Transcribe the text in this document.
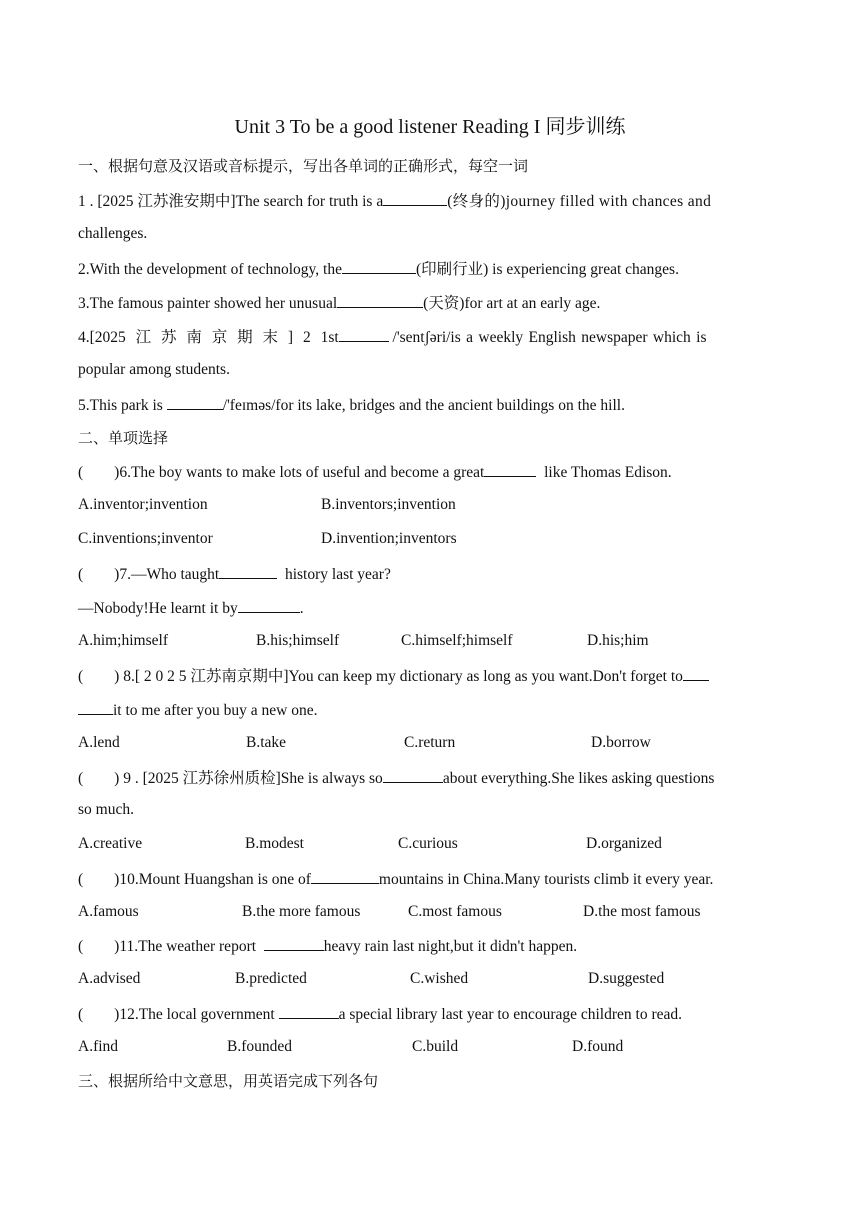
Unit 3 To be a good listener Reading I 同步训练
一、根据句意及汉语或音标提示，写出各单词的正确形式，每空一词
1 . [2025 江苏淮安期中]The search for truth is a	(终身的)journey filled with chances and
challenges.
2.With the development of technology, the	(印刷行业) is experiencing great changes.
3.The famous painter showed her unusual	(天资)for art at an early age.
4.[2025 江 苏 南 京 期 末 ] 2 1st	/'sentʃəri/is a weekly English newspaper which is
popular among students.
5.This park is	/'feɪməs/for its lake, bridges and the ancient buildings on the hill.
二、单项选择
(　　)6.The boy wants to make lots of useful and become a great	like Thomas Edison.
A.inventor;invention	B.inventors;invention
C.inventions;inventor	D.invention;inventors
(　　)7.—Who taught	history last year?
—Nobody!He learnt it by	.
A.him;himself	B.his;himself	C.himself;himself	D.his;him
(　　) 8.[ 2 0 2 5 江苏南京期中]You can keep my dictionary as long as you want.Don't forget to
it to me after you buy a new one.
A.lend	B.take	C.return	D.borrow
(　　) 9 . [2025 江苏徐州质检]She is always so	about everything.She likes asking questions
so much.
A.creative	B.modest	C.curious	D.organized
(　　)10.Mount Huangshan is one of	mountains in China.Many tourists climb it every year.
A.famous	B.the more famous	C.most famous	D.the most famous
(　　)11.The weather report	heavy rain last night,but it didn't happen.
A.advised	B.predicted	C.wished	D.suggested
(　　)12.The local government	a special library last year to encourage children to read.
A.find	B.founded	C.build	D.found
三、根据所给中文意思，用英语完成下列各句
